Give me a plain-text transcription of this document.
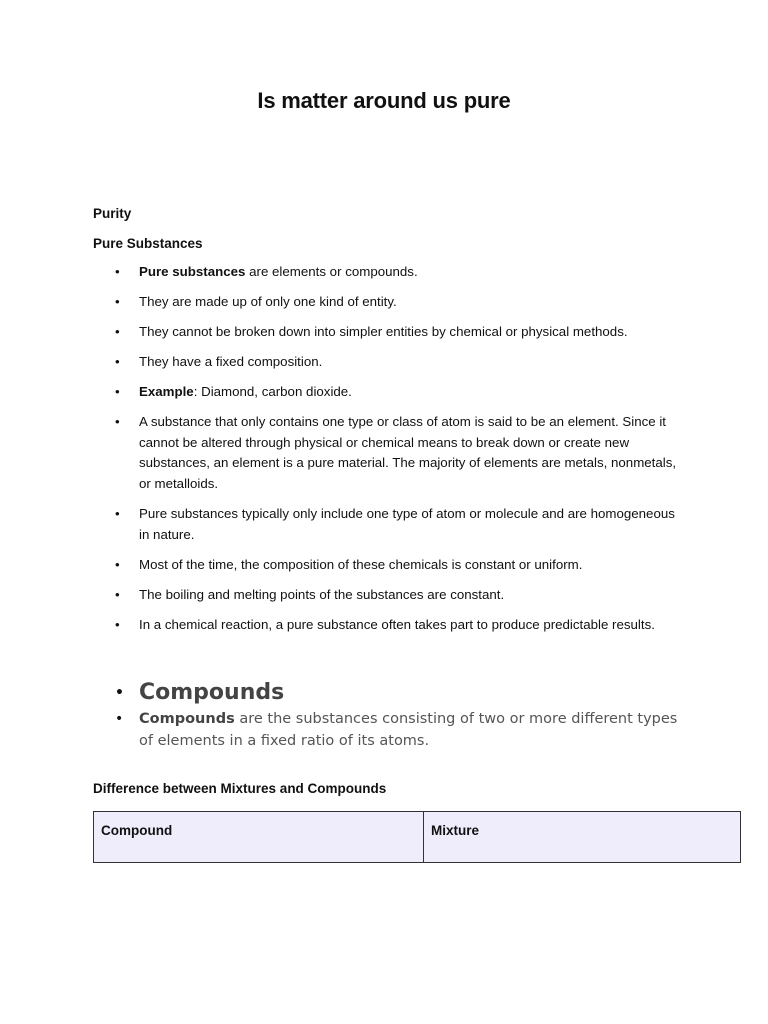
Is matter around us pure
Purity
Pure Substances
• Pure substances are elements or compounds.
• They are made up of only one kind of entity.
• They cannot be broken down into simpler entities by chemical or physical methods.
• They have a fixed composition.
• Example: Diamond, carbon dioxide.
• A substance that only contains one type or class of atom is said to be an element. Since it cannot be altered through physical or chemical means to break down or create new substances, an element is a pure material. The majority of elements are metals, nonmetals, or metalloids.
• Pure substances typically only include one type of atom or molecule and are homogeneous in nature.
• Most of the time, the composition of these chemicals is constant or uniform.
• The boiling and melting points of the substances are constant.
• In a chemical reaction, a pure substance often takes part to produce predictable results.
• Compounds
• Compounds are the substances consisting of two or more different types of elements in a fixed ratio of its atoms.
Difference between Mixtures and Compounds
Compound	Mixture
